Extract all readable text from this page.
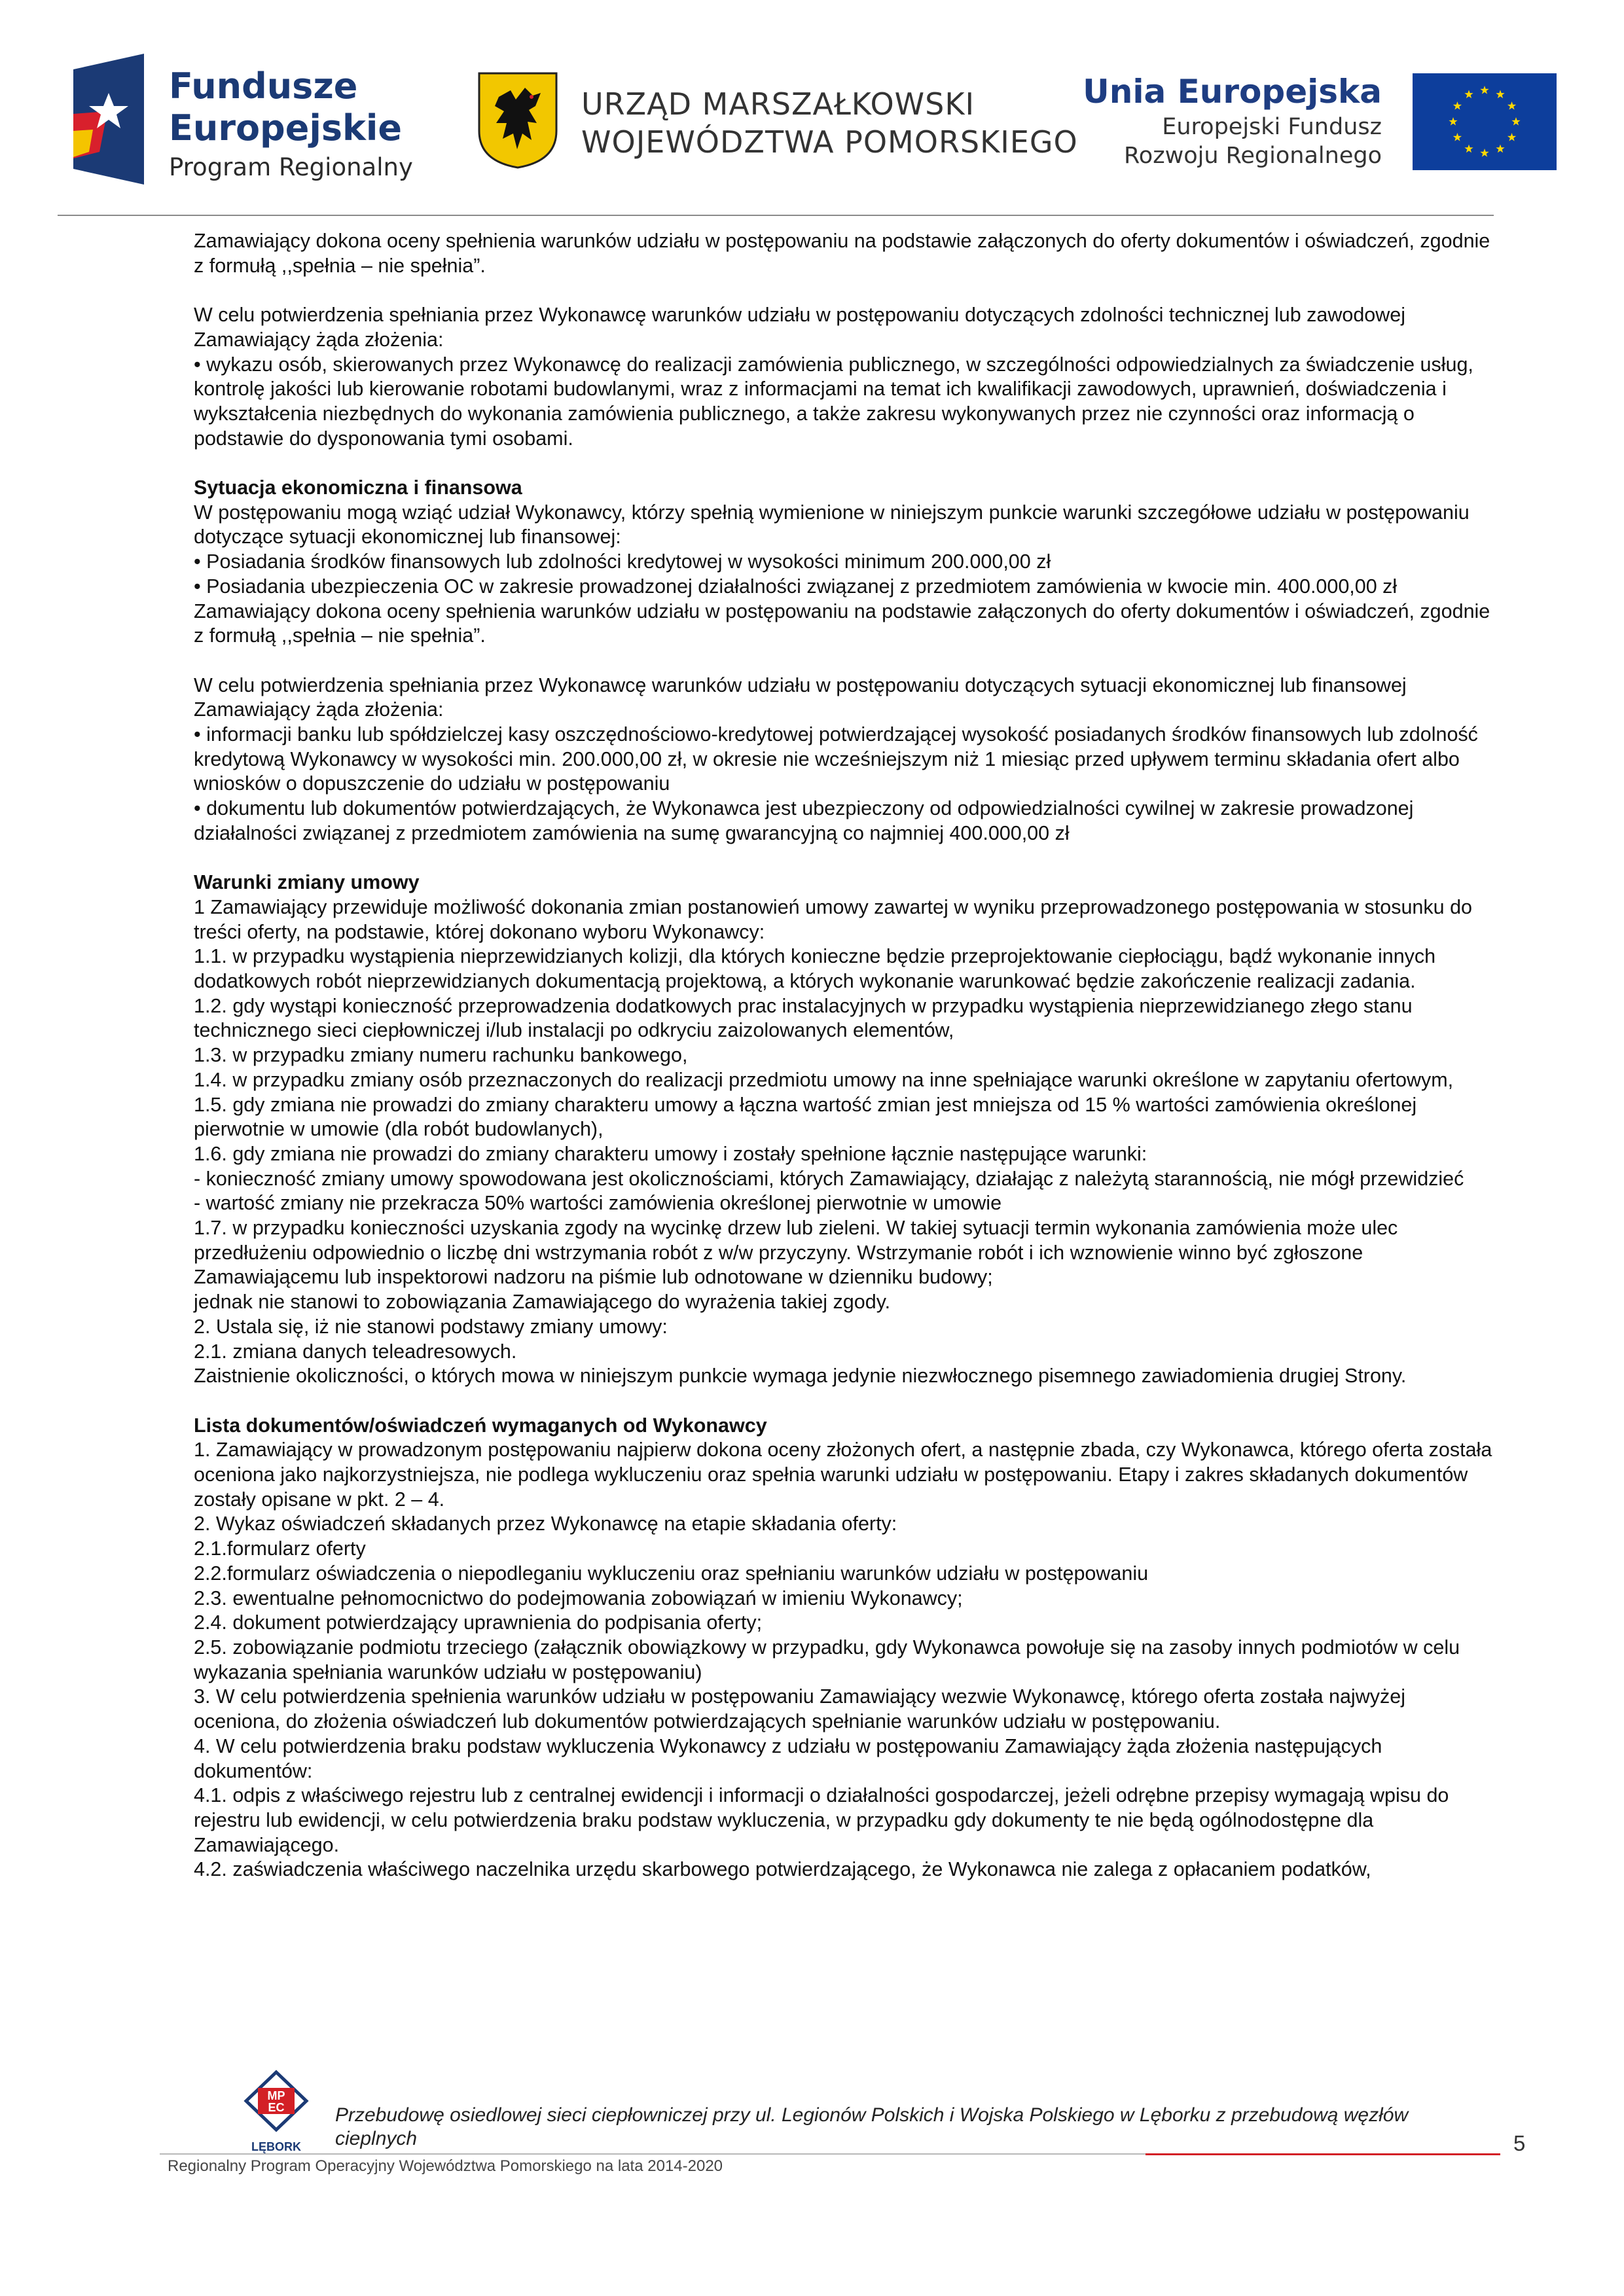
Fundusze
Europejskie
Program Regionalny
URZĄD MARSZAŁKOWSKI
WOJEWÓDZTWA POMORSKIEGO
Unia Europejska
Europejski Fundusz
Rozwoju Regionalnego

Zamawiający dokona oceny spełnienia warunków udziału w postępowaniu na podstawie załączonych do oferty dokumentów i oświadczeń, zgodnie z formułą ,,spełnia – nie spełnia”.

W celu potwierdzenia spełniania przez Wykonawcę warunków udziału w postępowaniu dotyczących zdolności technicznej lub zawodowej Zamawiający żąda złożenia:

• wykazu osób, skierowanych przez Wykonawcę do realizacji zamówienia publicznego, w szczególności odpowiedzialnych za świadczenie usług, kontrolę jakości lub kierowanie robotami budowlanymi, wraz z informacjami na temat ich kwalifikacji zawodowych, uprawnień, doświadczenia i wykształcenia niezbędnych do wykonania zamówienia publicznego, a także zakresu wykonywanych przez nie czynności oraz informacją o podstawie do dysponowania tymi osobami.

Sytuacja ekonomiczna i finansowa

W postępowaniu mogą wziąć udział Wykonawcy, którzy spełnią wymienione w niniejszym punkcie warunki szczegółowe udziału w postępowaniu dotyczące sytuacji ekonomicznej lub finansowej:

• Posiadania środków finansowych lub zdolności kredytowej w wysokości minimum 200.000,00 zł

• Posiadania ubezpieczenia OC w zakresie prowadzonej działalności związanej z przedmiotem zamówienia w kwocie min. 400.000,00 zł

Zamawiający dokona oceny spełnienia warunków udziału w postępowaniu na podstawie załączonych do oferty dokumentów i oświadczeń, zgodnie z formułą ,,spełnia – nie spełnia”.

W celu potwierdzenia spełniania przez Wykonawcę warunków udziału w postępowaniu dotyczących sytuacji ekonomicznej lub finansowej Zamawiający żąda złożenia:

• informacji banku lub spółdzielczej kasy oszczędnościowo-kredytowej potwierdzającej wysokość posiadanych środków finansowych lub zdolność kredytową Wykonawcy w wysokości min. 200.000,00 zł, w okresie nie wcześniejszym niż 1 miesiąc przed upływem terminu składania ofert albo wniosków o dopuszczenie do udziału w postępowaniu

• dokumentu lub dokumentów potwierdzających, że Wykonawca jest ubezpieczony od odpowiedzialności cywilnej w zakresie prowadzonej działalności związanej z przedmiotem zamówienia na sumę gwarancyjną co najmniej 400.000,00 zł

Warunki zmiany umowy

1 Zamawiający przewiduje możliwość dokonania zmian postanowień umowy zawartej w wyniku przeprowadzonego postępowania w stosunku do treści oferty, na podstawie, której dokonano wyboru Wykonawcy:

1.1. w przypadku wystąpienia nieprzewidzianych kolizji, dla których konieczne będzie przeprojektowanie ciepłociągu, bądź wykonanie innych dodatkowych robót nieprzewidzianych dokumentacją projektową, a których wykonanie warunkować będzie zakończenie realizacji zadania.

1.2. gdy wystąpi konieczność przeprowadzenia dodatkowych prac instalacyjnych w przypadku wystąpienia nieprzewidzianego złego stanu technicznego sieci ciepłowniczej i/lub instalacji po odkryciu zaizolowanych elementów,

1.3. w przypadku zmiany numeru rachunku bankowego,

1.4. w przypadku zmiany osób przeznaczonych do realizacji przedmiotu umowy na inne spełniające warunki określone w zapytaniu ofertowym,

1.5. gdy zmiana nie prowadzi do zmiany charakteru umowy a łączna wartość zmian jest mniejsza od 15 % wartości zamówienia określonej pierwotnie w umowie (dla robót budowlanych),

1.6. gdy zmiana nie prowadzi do zmiany charakteru umowy i zostały spełnione łącznie następujące warunki:

- konieczność zmiany umowy spowodowana jest okolicznościami, których Zamawiający, działając z należytą starannością, nie mógł przewidzieć

- wartość zmiany nie przekracza 50% wartości zamówienia określonej pierwotnie w umowie

1.7. w przypadku konieczności uzyskania zgody na wycinkę drzew lub zieleni. W takiej sytuacji termin wykonania zamówienia może ulec przedłużeniu odpowiednio o liczbę dni wstrzymania robót z w/w przyczyny. Wstrzymanie robót i ich wznowienie winno być zgłoszone Zamawiającemu lub inspektorowi nadzoru na piśmie lub odnotowane w dzienniku budowy;

jednak nie stanowi to zobowiązania Zamawiającego do wyrażenia takiej zgody.

2. Ustala się, iż nie stanowi podstawy zmiany umowy:

2.1. zmiana danych teleadresowych.

Zaistnienie okoliczności, o których mowa w niniejszym punkcie wymaga jedynie niezwłocznego pisemnego zawiadomienia drugiej Strony.

Lista dokumentów/oświadczeń wymaganych od Wykonawcy

1. Zamawiający w prowadzonym postępowaniu najpierw dokona oceny złożonych ofert, a następnie zbada, czy Wykonawca, którego oferta została oceniona jako najkorzystniejsza, nie podlega wykluczeniu oraz spełnia warunki udziału w postępowaniu. Etapy i zakres składanych dokumentów zostały opisane w pkt. 2 – 4.

2. Wykaz oświadczeń składanych przez Wykonawcę na etapie składania oferty:

2.1.formularz oferty

2.2.formularz oświadczenia o niepodleganiu wykluczeniu oraz spełnianiu warunków udziału w postępowaniu

2.3. ewentualne pełnomocnictwo do podejmowania zobowiązań w imieniu Wykonawcy;

2.4. dokument potwierdzający uprawnienia do podpisania oferty;

2.5. zobowiązanie podmiotu trzeciego (załącznik obowiązkowy w przypadku, gdy Wykonawca powołuje się na zasoby innych podmiotów w celu wykazania spełniania warunków udziału w postępowaniu)

3. W celu potwierdzenia spełnienia warunków udziału w postępowaniu Zamawiający wezwie Wykonawcę, którego oferta została najwyżej oceniona, do złożenia oświadczeń lub dokumentów potwierdzających spełnianie warunków udziału w postępowaniu.

4. W celu potwierdzenia braku podstaw wykluczenia Wykonawcy z udziału w postępowaniu Zamawiający żąda złożenia następujących dokumentów:

4.1. odpis z właściwego rejestru lub z centralnej ewidencji i informacji o działalności gospodarczej, jeżeli odrębne przepisy wymagają wpisu do rejestru lub ewidencji, w celu potwierdzenia braku podstaw wykluczenia, w przypadku gdy dokumenty te nie będą ogólnodostępne dla Zamawiającego.

4.2. zaświadczenia właściwego naczelnika urzędu skarbowego potwierdzającego, że Wykonawca nie zalega z opłacaniem podatków,

MP
EC
LĘBORK
Przebudowę osiedlowej sieci ciepłowniczej przy ul. Legionów Polskich i Wojska Polskiego w Lęborku z przebudową węzłów cieplnych
Regionalny Program Operacyjny Województwa Pomorskiego na lata 2014-2020
5
